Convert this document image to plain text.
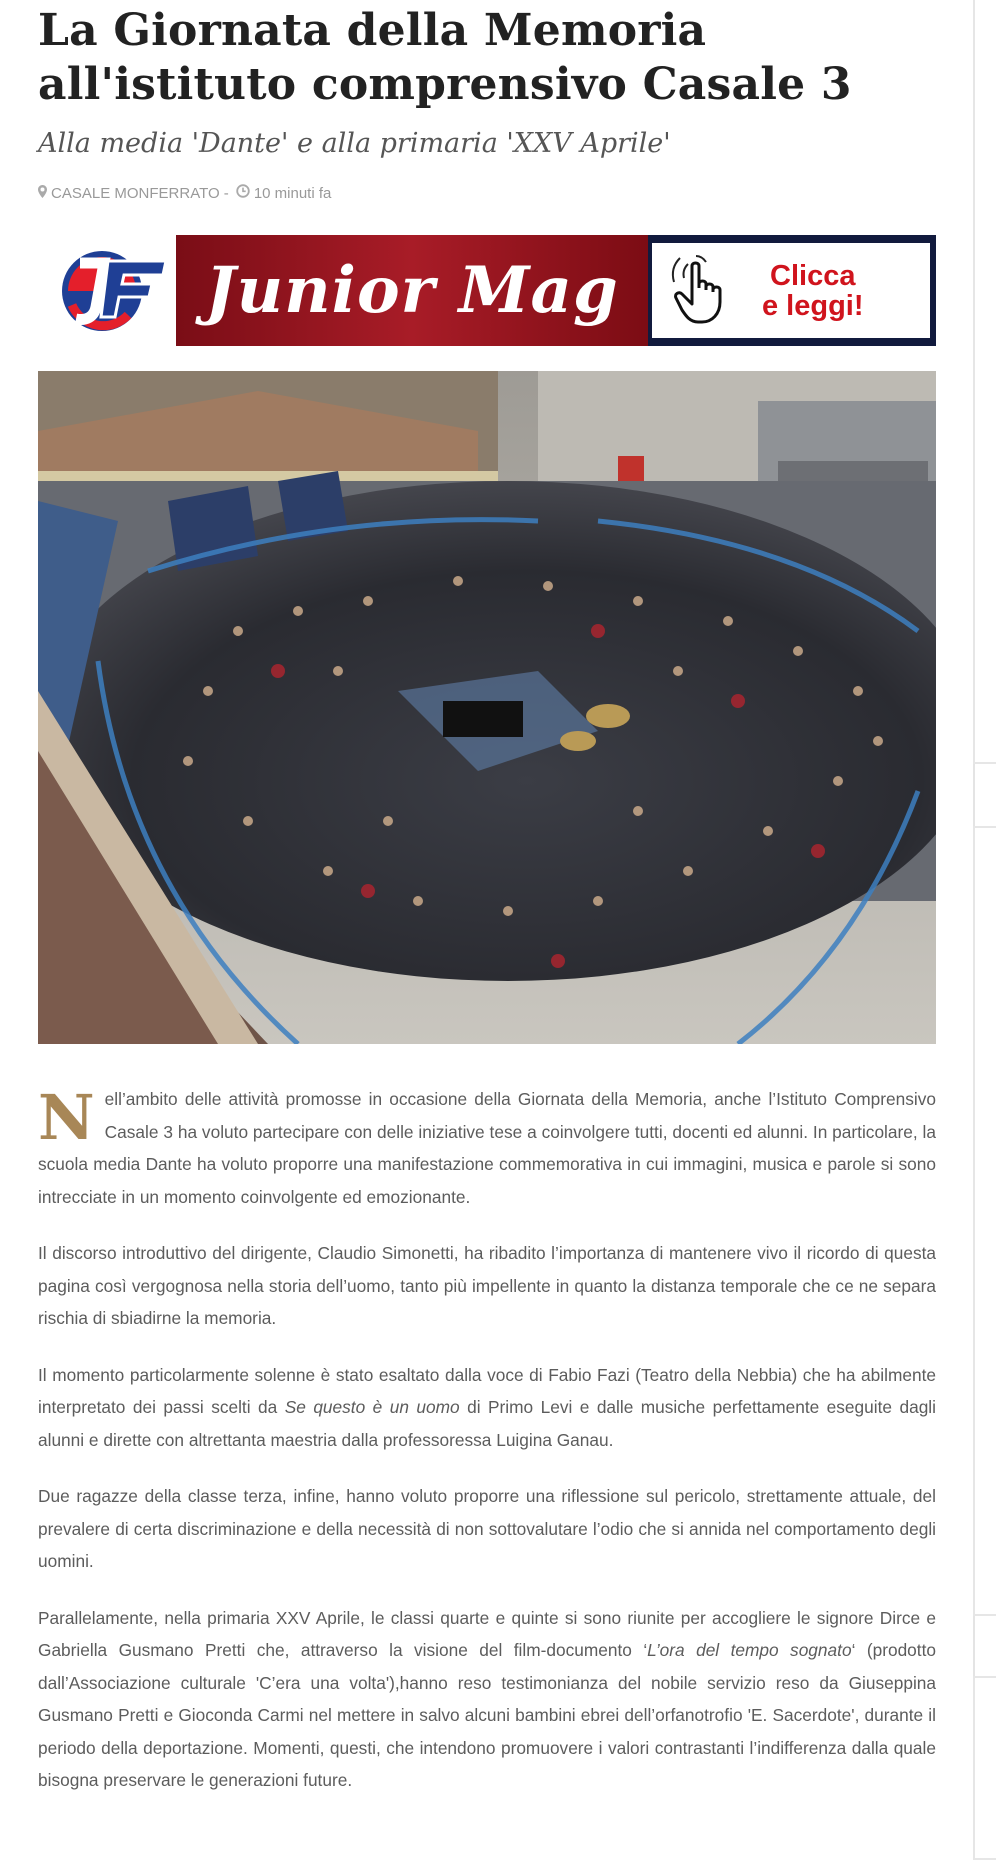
La Giornata della Memoria all'istituto comprensivo Casale 3
Alla media 'Dante' e alla primaria 'XXV Aprile'
CASALE MONFERRATO - 10 minuti fa
Junior Mag	Clicca
e leggi!

Nell’ambito delle attività promosse in occasione della Giornata della Memoria, anche l’Istituto Comprensivo Casale 3 ha voluto partecipare con delle iniziative tese a coinvolgere tutti, docenti ed alunni. In particolare, la scuola media Dante ha voluto proporre una manifestazione commemorativa in cui immagini, musica e parole si sono intrecciate in un momento coinvolgente ed emozionante.

Il discorso introduttivo del dirigente, Claudio Simonetti, ha ribadito l’importanza di mantenere vivo il ricordo di questa pagina così vergognosa nella storia dell’uomo, tanto più impellente in quanto la distanza temporale che ce ne separa rischia di sbiadirne la memoria.

Il momento particolarmente solenne è stato esaltato dalla voce di Fabio Fazi (Teatro della Nebbia) che ha abilmente interpretato dei passi scelti da Se questo è un uomo di Primo Levi e dalle musiche perfettamente eseguite dagli alunni e dirette con altrettanta maestria dalla professoressa Luigina Ganau.

Due ragazze della classe terza, infine, hanno voluto proporre una riflessione sul pericolo, strettamente attuale, del prevalere di certa discriminazione e della necessità di non sottovalutare l’odio che si annida nel comportamento degli uomini.

Parallelamente, nella primaria XXV Aprile, le classi quarte e quinte si sono riunite per accogliere le signore Dirce e Gabriella Gusmano Pretti che, attraverso la visione del film-documento ‘L’ora del tempo sognato‘ (prodotto dall’Associazione culturale 'C’era una volta'),hanno reso testimonianza del nobile servizio reso da Giuseppina Gusmano Pretti e Gioconda Carmi nel mettere in salvo alcuni bambini ebrei dell’orfanotrofio 'E. Sacerdote', durante il periodo della deportazione. Momenti, questi, che intendono promuovere i valori contrastanti l’indifferenza dalla quale bisogna preservare le generazioni future.
